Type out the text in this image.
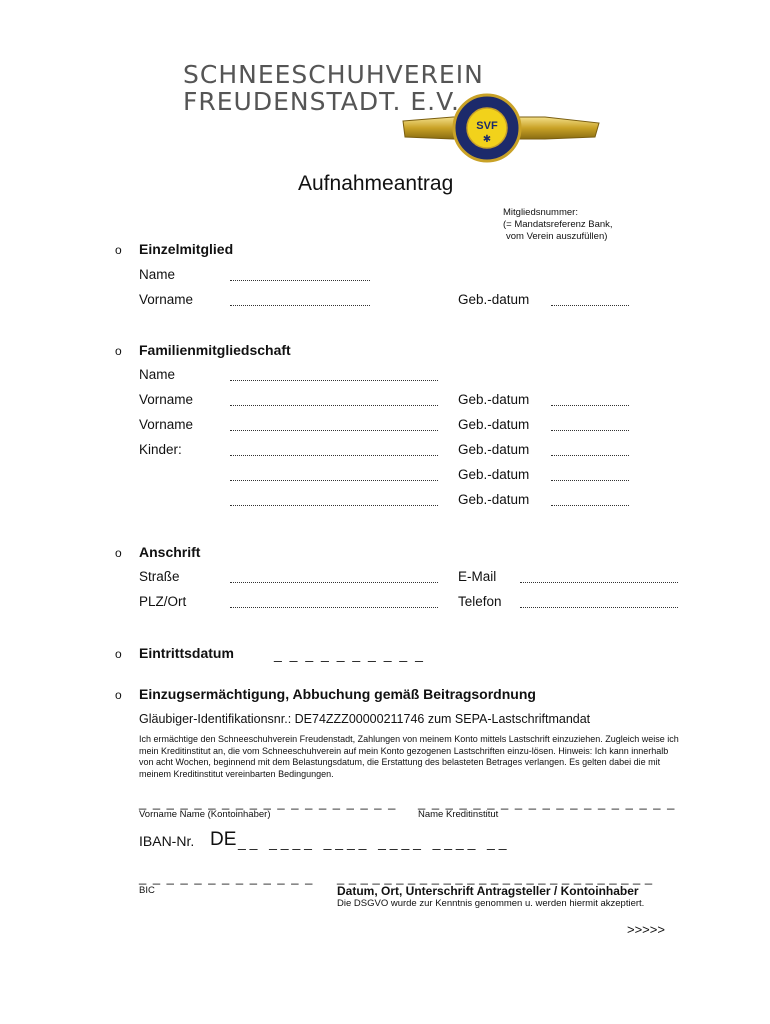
SCHNEESCHUHVEREIN
FREUDENSTADT. E.V.
SVF
✱
Aufnahmeantrag
Mitgliedsnummer:
(= Mandatsreferenz Bank,
vom Verein auszufüllen)
o Einzelmitglied
Name
Vorname	Geb.-datum
o Familienmitgliedschaft
Name
Vorname	Geb.-datum
Vorname	Geb.-datum
Kinder:	Geb.-datum
Geb.-datum
Geb.-datum
o Anschrift
Straße	E-Mail
PLZ/Ort	Telefon
o Eintrittsdatum	_ _ _ _ _ _ _ _ _ _
o Einzugsermächtigung, Abbuchung gemäß Beitragsordnung
Gläubiger-Identifikationsnr.: DE74ZZZ00000211746 zum SEPA-Lastschriftmandat
Ich ermächtige den Schneeschuhverein Freudenstadt, Zahlungen von meinem Konto mittels Lastschrift einzuziehen. Zugleich weise ich mein Kreditinstitut an, die vom Schneeschuhverein auf mein Konto gezogenen Lastschriften einzu-lösen. Hinweis: Ich kann innerhalb von acht Wochen, beginnend mit dem Belastungsdatum, die Erstattung des belasteten Betrages verlangen. Es gelten dabei die mit meinem Kreditinstitut vereinbarten Bedingungen.
_ _ _ _ _ _ _ _ _ _ _ _ _ _ _ _ _ _ _
Vorname Name (Kontoinhaber)
_ _ _ _ _ _ _ _ _ _ _ _ _ _ _ _ _ _ _
Name Kreditinstitut
IBAN-Nr. DE _ _   _ _ _ _   _ _ _ _   _ _ _ _   _ _ _ _   _ _
_ _ _ _ _ _ _ _ _ _ _ _ _
BIC
_ _ _ _ _ _ _ _ _ _ _ _ _ _ _ _ _ _ _ _ _ _ _ _ _ _ _
Datum, Ort, Unterschrift Antragsteller / Kontoinhaber
Die DSGVO wurde zur Kenntnis genommen u. werden hiermit akzeptiert.
>>>>>
